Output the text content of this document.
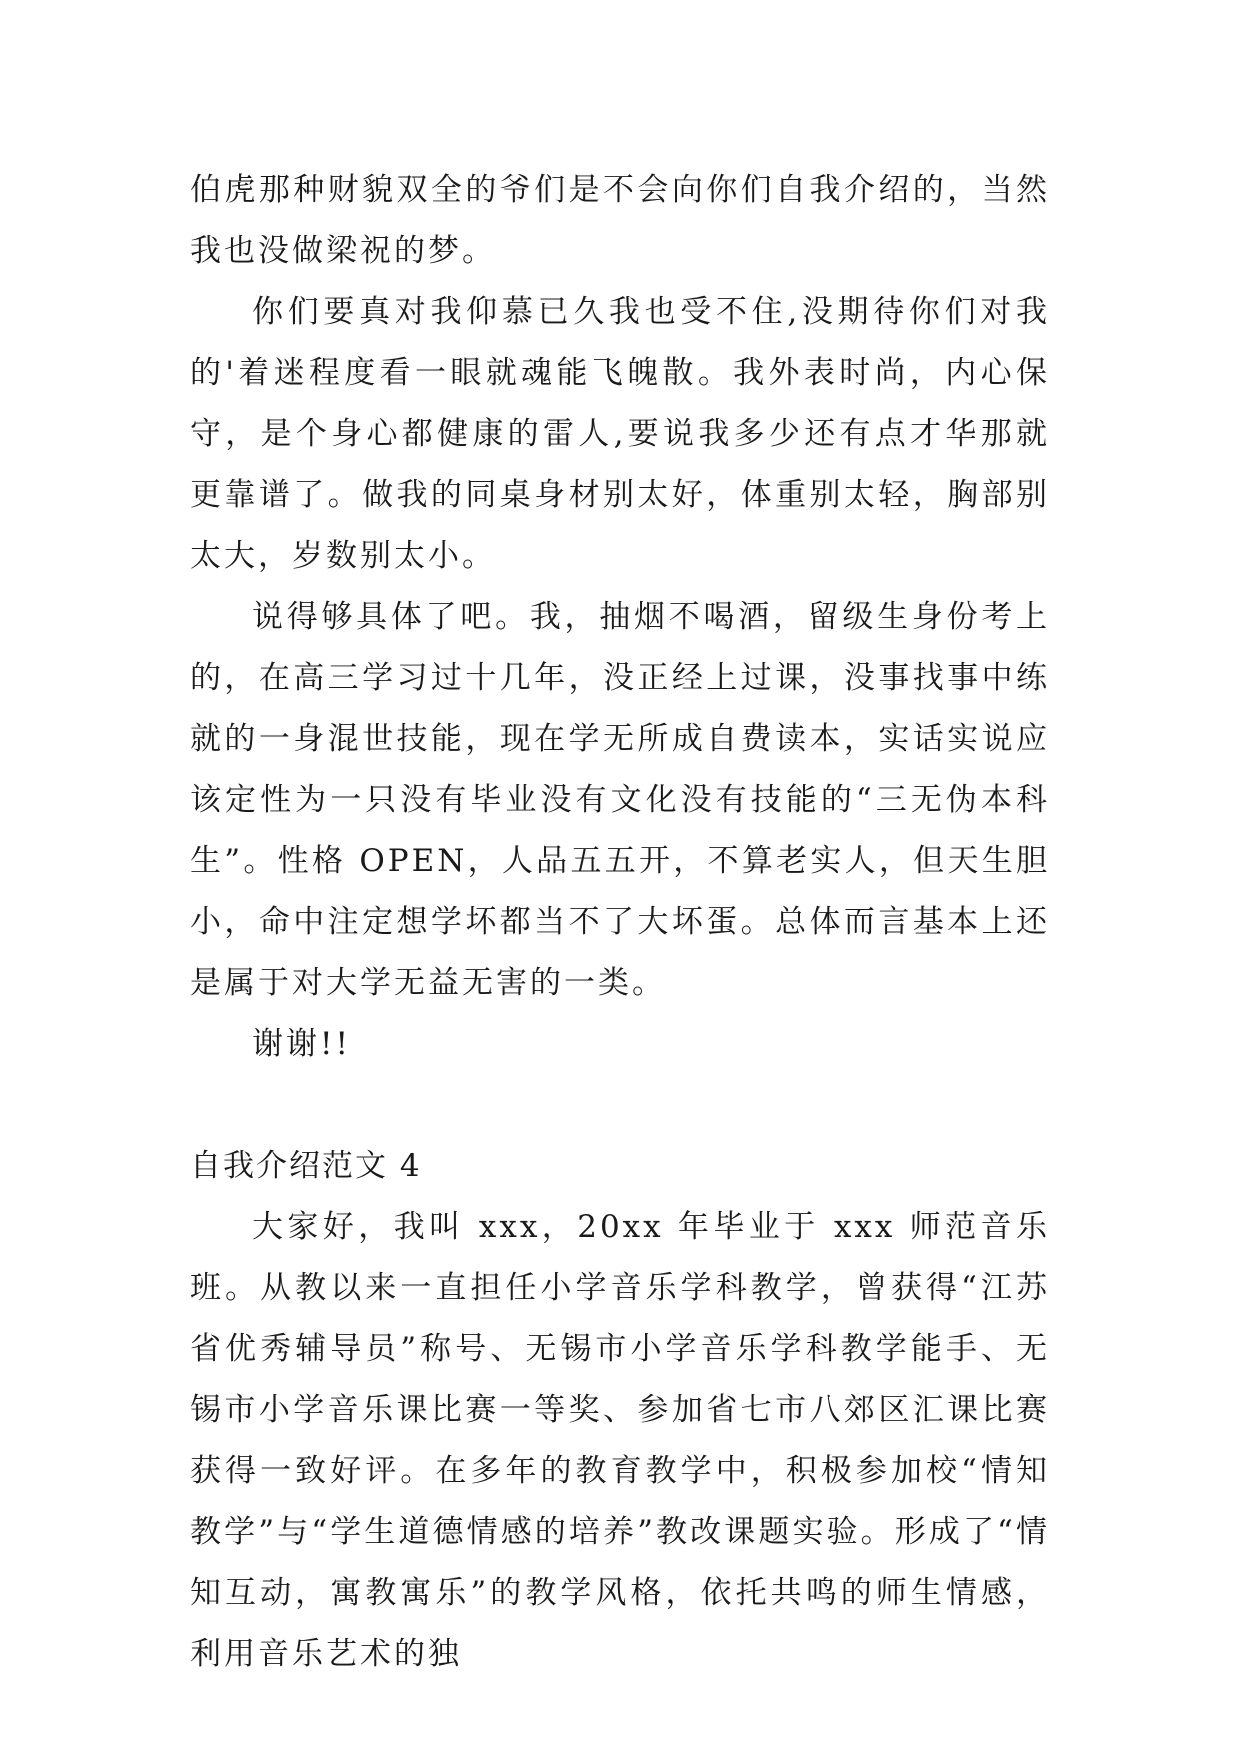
伯虎那种财貌双全的爷们是不会向你们自我介绍的，当然我也没做梁祝的梦。

你们要真对我仰慕已久我也受不住,没期待你们对我的'着迷程度看一眼就魂能飞魄散。我外表时尚，内心保守，是个身心都健康的雷人,要说我多少还有点才华那就更靠谱了。做我的同桌身材别太好，体重别太轻，胸部别太大，岁数别太小。

说得够具体了吧。我，抽烟不喝酒，留级生身份考上的，在高三学习过十几年，没正经上过课，没事找事中练就的一身混世技能，现在学无所成自费读本，实话实说应该定性为一只没有毕业没有文化没有技能的“三无伪本科生”。性格 OPEN，人品五五开，不算老实人，但天生胆小，命中注定想学坏都当不了大坏蛋。总体而言基本上还是属于对大学无益无害的一类。

谢谢!!

自我介绍范文 4

大家好，我叫 xxx，20xx 年毕业于 xxx 师范音乐班。从教以来一直担任小学音乐学科教学，曾获得“江苏省优秀辅导员”称号、无锡市小学音乐学科教学能手、无锡市小学音乐课比赛一等奖、参加省七市八郊区汇课比赛获得一致好评。在多年的教育教学中，积极参加校“情知教学”与“学生道德情感的培养”教改课题实验。形成了“情知互动，寓教寓乐”的教学风格，依托共鸣的师生情感，利用音乐艺术的独
